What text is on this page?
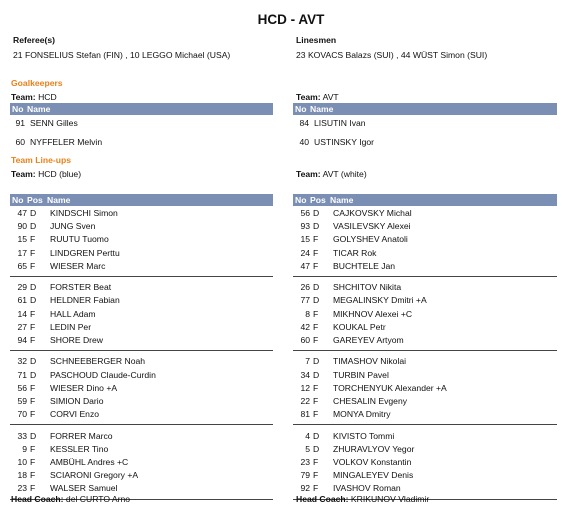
HCD - AVT
Referee(s)
21 FONSELIUS Stefan (FIN) , 10 LEGGO Michael (USA)
Linesmen
23 KOVACS Balazs (SUI) , 44 WÜST Simon (SUI)
Goalkeepers
Team: HCD	Team: AVT
No Name	No Name
91 SENN Gilles
60 NYFFELER Melvin
84 LISUTIN Ivan
40 USTINSKY Igor
Team Line-ups
Team: HCD (blue)	Team: AVT (white)
No Pos Name	No Pos Name
47 D KINDSCHI Simon
90 D JUNG Sven
15 F RUUTU Tuomo
17 F LINDGREN Perttu
65 F WIESER Marc
29 D FORSTER Beat
61 D HELDNER Fabian
14 F HALL Adam
27 F LEDIN Per
94 F SHORE Drew
32 D SCHNEEBERGER Noah
71 D PASCHOUD Claude-Curdin
56 F WIESER Dino +A
59 F SIMION Dario
70 F CORVI Enzo
33 D FORRER Marco
9 F KESSLER Tino
10 F AMBÜHL Andres +C
18 F SCIARONI Gregory +A
23 F WALSER Samuel
56 D CAJKOVSKY Michal
93 D VASILEVSKY Alexei
15 F GOLYSHEV Anatoli
24 F TICAR Rok
47 F BUCHTELE Jan
26 D SHCHITOV Nikita
77 D MEGALINSKY Dmitri +A
8 F MIKHNOV Alexei +C
42 F KOUKAL Petr
60 F GAREYEV Artyom
7 D TIMASHOV Nikolai
34 D TURBIN Pavel
12 F TORCHENYUK Alexander +A
22 F CHESALIN Evgeny
81 F MONYA Dmitry
4 D KIVISTO Tommi
5 D ZHURAVLYOV Yegor
23 F VOLKOV Konstantin
79 F MINGALEYEV Denis
92 F IVASHOV Roman
Head Coach: del CURTO Arno	Head Coach: KRIKUNOV Vladimir
